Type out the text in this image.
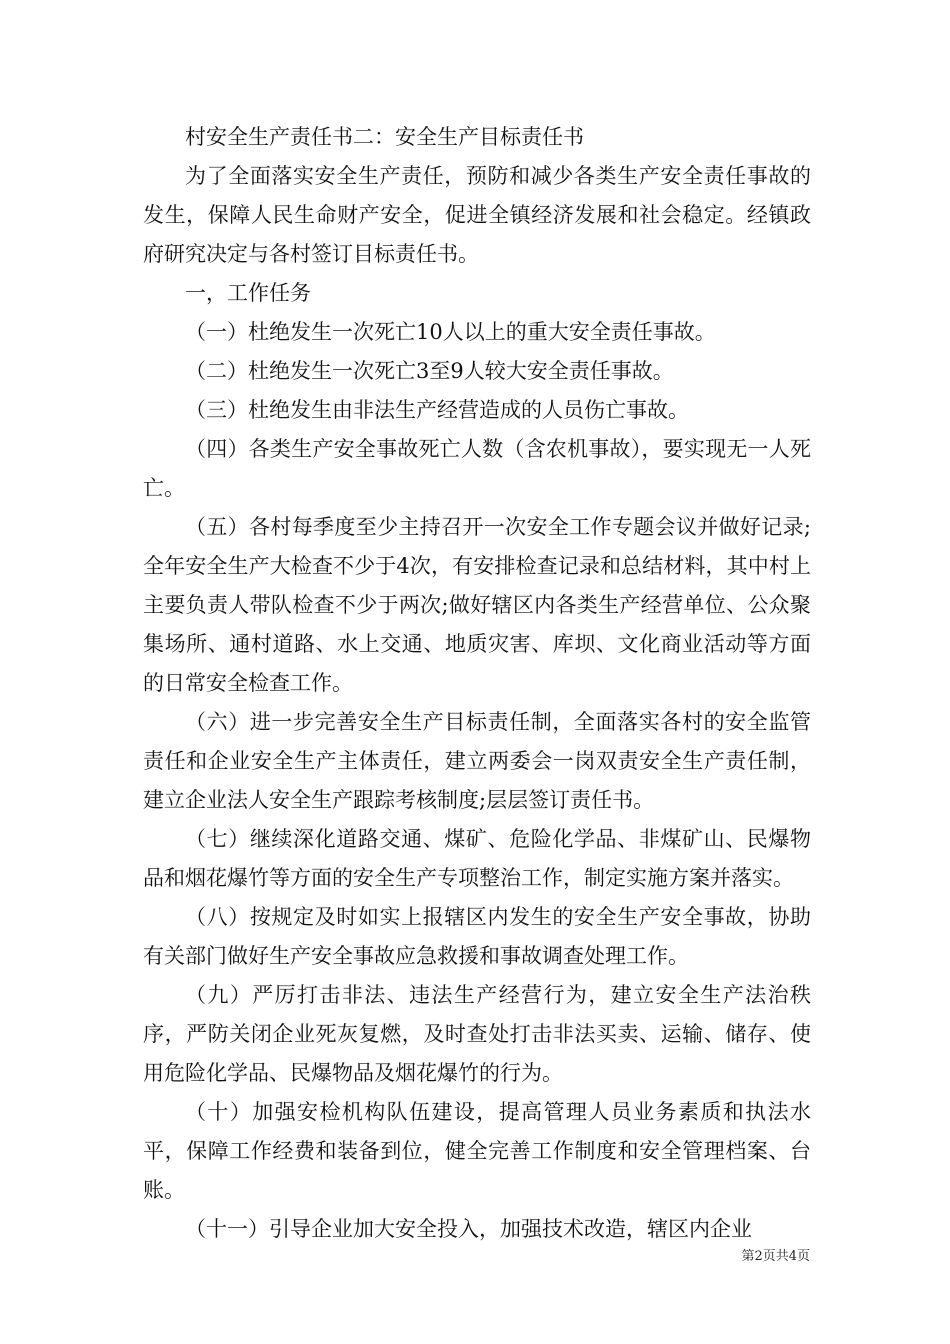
村安全生产责任书二：安全生产目标责任书

为了全面落实安全生产责任，预防和减少各类生产安全责任事故的发生，保障人民生命财产安全，促进全镇经济发展和社会稳定。经镇政府研究决定与各村签订目标责任书。

一，工作任务

（一）杜绝发生一次死亡10人以上的重大安全责任事故。

（二）杜绝发生一次死亡3至9人较大安全责任事故。

（三）杜绝发生由非法生产经营造成的人员伤亡事故。

（四）各类生产安全事故死亡人数（含农机事故），要实现无一人死亡。

（五）各村每季度至少主持召开一次安全工作专题会议并做好记录;全年安全生产大检查不少于4次，有安排检查记录和总结材料，其中村上主要负责人带队检查不少于两次;做好辖区内各类生产经营单位、公众聚集场所、通村道路、水上交通、地质灾害、库坝、文化商业活动等方面的日常安全检查工作。

（六）进一步完善安全生产目标责任制，全面落实各村的安全监管责任和企业安全生产主体责任，建立两委会一岗双责安全生产责任制，建立企业法人安全生产跟踪考核制度;层层签订责任书。

（七）继续深化道路交通、煤矿、危险化学品、非煤矿山、民爆物品和烟花爆竹等方面的安全生产专项整治工作，制定实施方案并落实。

（八）按规定及时如实上报辖区内发生的安全生产安全事故，协助有关部门做好生产安全事故应急救援和事故调查处理工作。

（九）严厉打击非法、违法生产经营行为，建立安全生产法治秩序，严防关闭企业死灰复燃，及时查处打击非法买卖、运输、储存、使用危险化学品、民爆物品及烟花爆竹的行为。

（十）加强安检机构队伍建设，提高管理人员业务素质和执法水平，保障工作经费和装备到位，健全完善工作制度和安全管理档案、台账。

（十一）引导企业加大安全投入，加强技术改造，辖区内企业

第2页共4页
